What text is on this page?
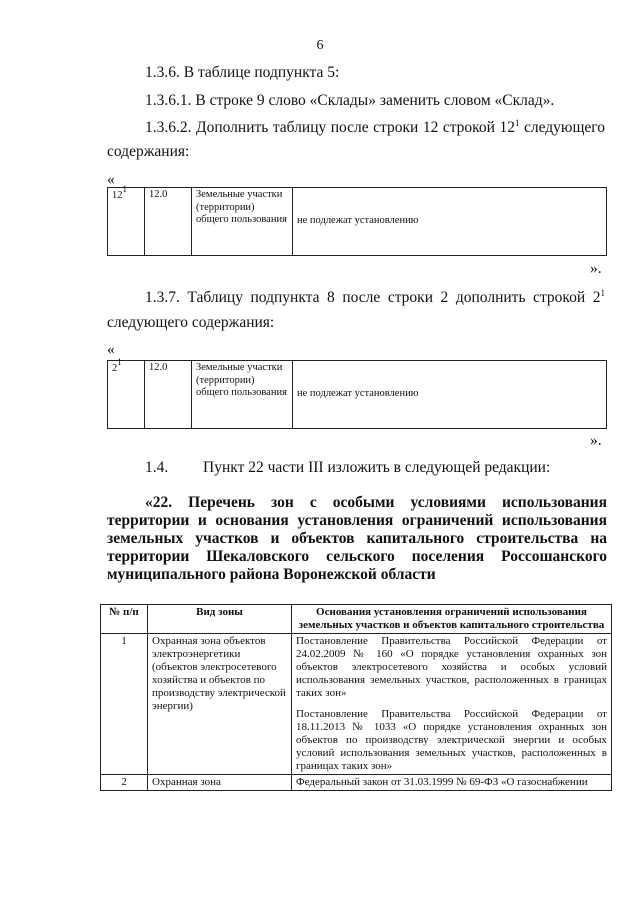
6
1.3.6. В таблице подпункта 5:
1.3.6.1. В строке 9 слово «Склады» заменить словом «Склад».
1.3.6.2. Дополнить таблицу после строки 12 строкой $12^1$ следующего
содержания:
«
$12^1$	12.0	Земельные участки (территории) общего пользования	не подлежат установлению
».
1.3.7. Таблицу подпункта 8 после строки 2 дополнить строкой $2^1$
следующего содержания:
«
$2^1$	12.0	Земельные участки (территории) общего пользования	не подлежат установлению
».
1.4. Пункт 22 части III изложить в следующей редакции:
«22. Перечень зон с особыми условиями использования
территории и основания установления ограничений использования
земельных участков и объектов капитального строительства на
территории Шекаловского сельского поселения Россошанского
муниципального района Воронежской области
№ п/п	Вид зоны	Основания установления ограничений использования земельных участков и объектов капитального строительства
1	Охранная зона объектов электроэнергетики (объектов электросетевого хозяйства и объектов по производству электрической энергии)	Постановление Правительства Российской Федерации от 24.02.2009 № 160 «О порядке установления охранных зон объектов электросетевого хозяйства и особых условий использования земельных участков, расположенных в границах таких зон»
Постановление Правительства Российской Федерации от 18.11.2013 № 1033 «О порядке установления охранных зон объектов по производству электрической энергии и особых условий использования земельных участков, расположенных в границах таких зон»

2	Охранная зона	Федеральный закон от 31.03.1999 № 69-ФЗ «О газоснабжении
